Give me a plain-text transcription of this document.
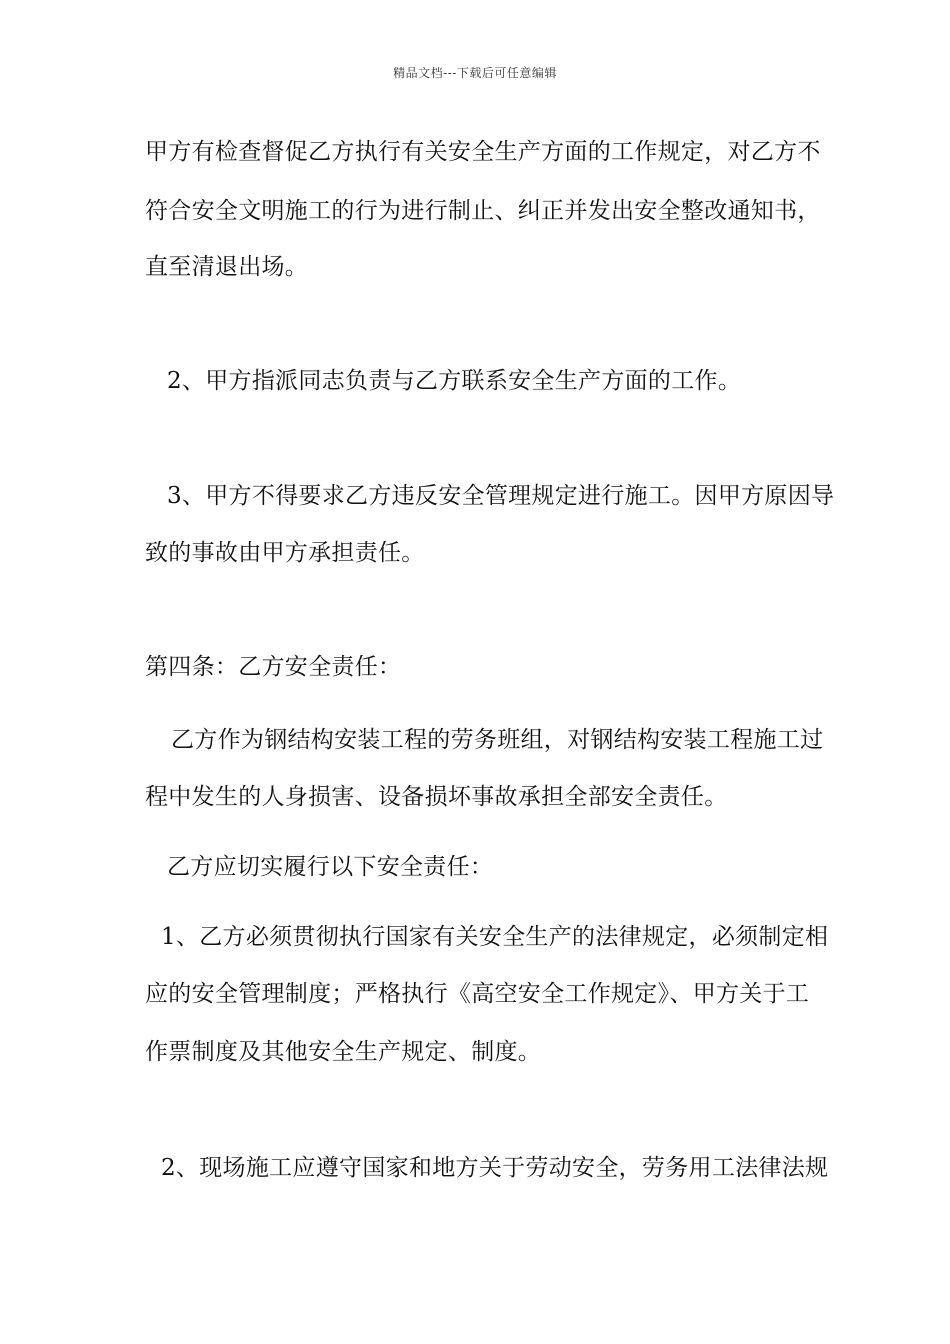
精品文档---下载后可任意编辑
甲方有检查督促乙方执行有关安全生产方面的工作规定，对乙方不
符合安全文明施工的行为进行制止、纠正并发出安全整改通知书，
直至清退出场。
2、甲方指派同志负责与乙方联系安全生产方面的工作。
3、甲方不得要求乙方违反安全管理规定进行施工。因甲方原因导
致的事故由甲方承担责任。
第四条：乙方安全责任：
乙方作为钢结构安装工程的劳务班组，对钢结构安装工程施工过
程中发生的人身损害、设备损坏事故承担全部安全责任。
乙方应切实履行以下安全责任：
1、乙方必须贯彻执行国家有关安全生产的法律规定，必须制定相
应的安全管理制度；严格执行《高空安全工作规定》、甲方关于工
作票制度及其他安全生产规定、制度。
2、现场施工应遵守国家和地方关于劳动安全，劳务用工法律法规
